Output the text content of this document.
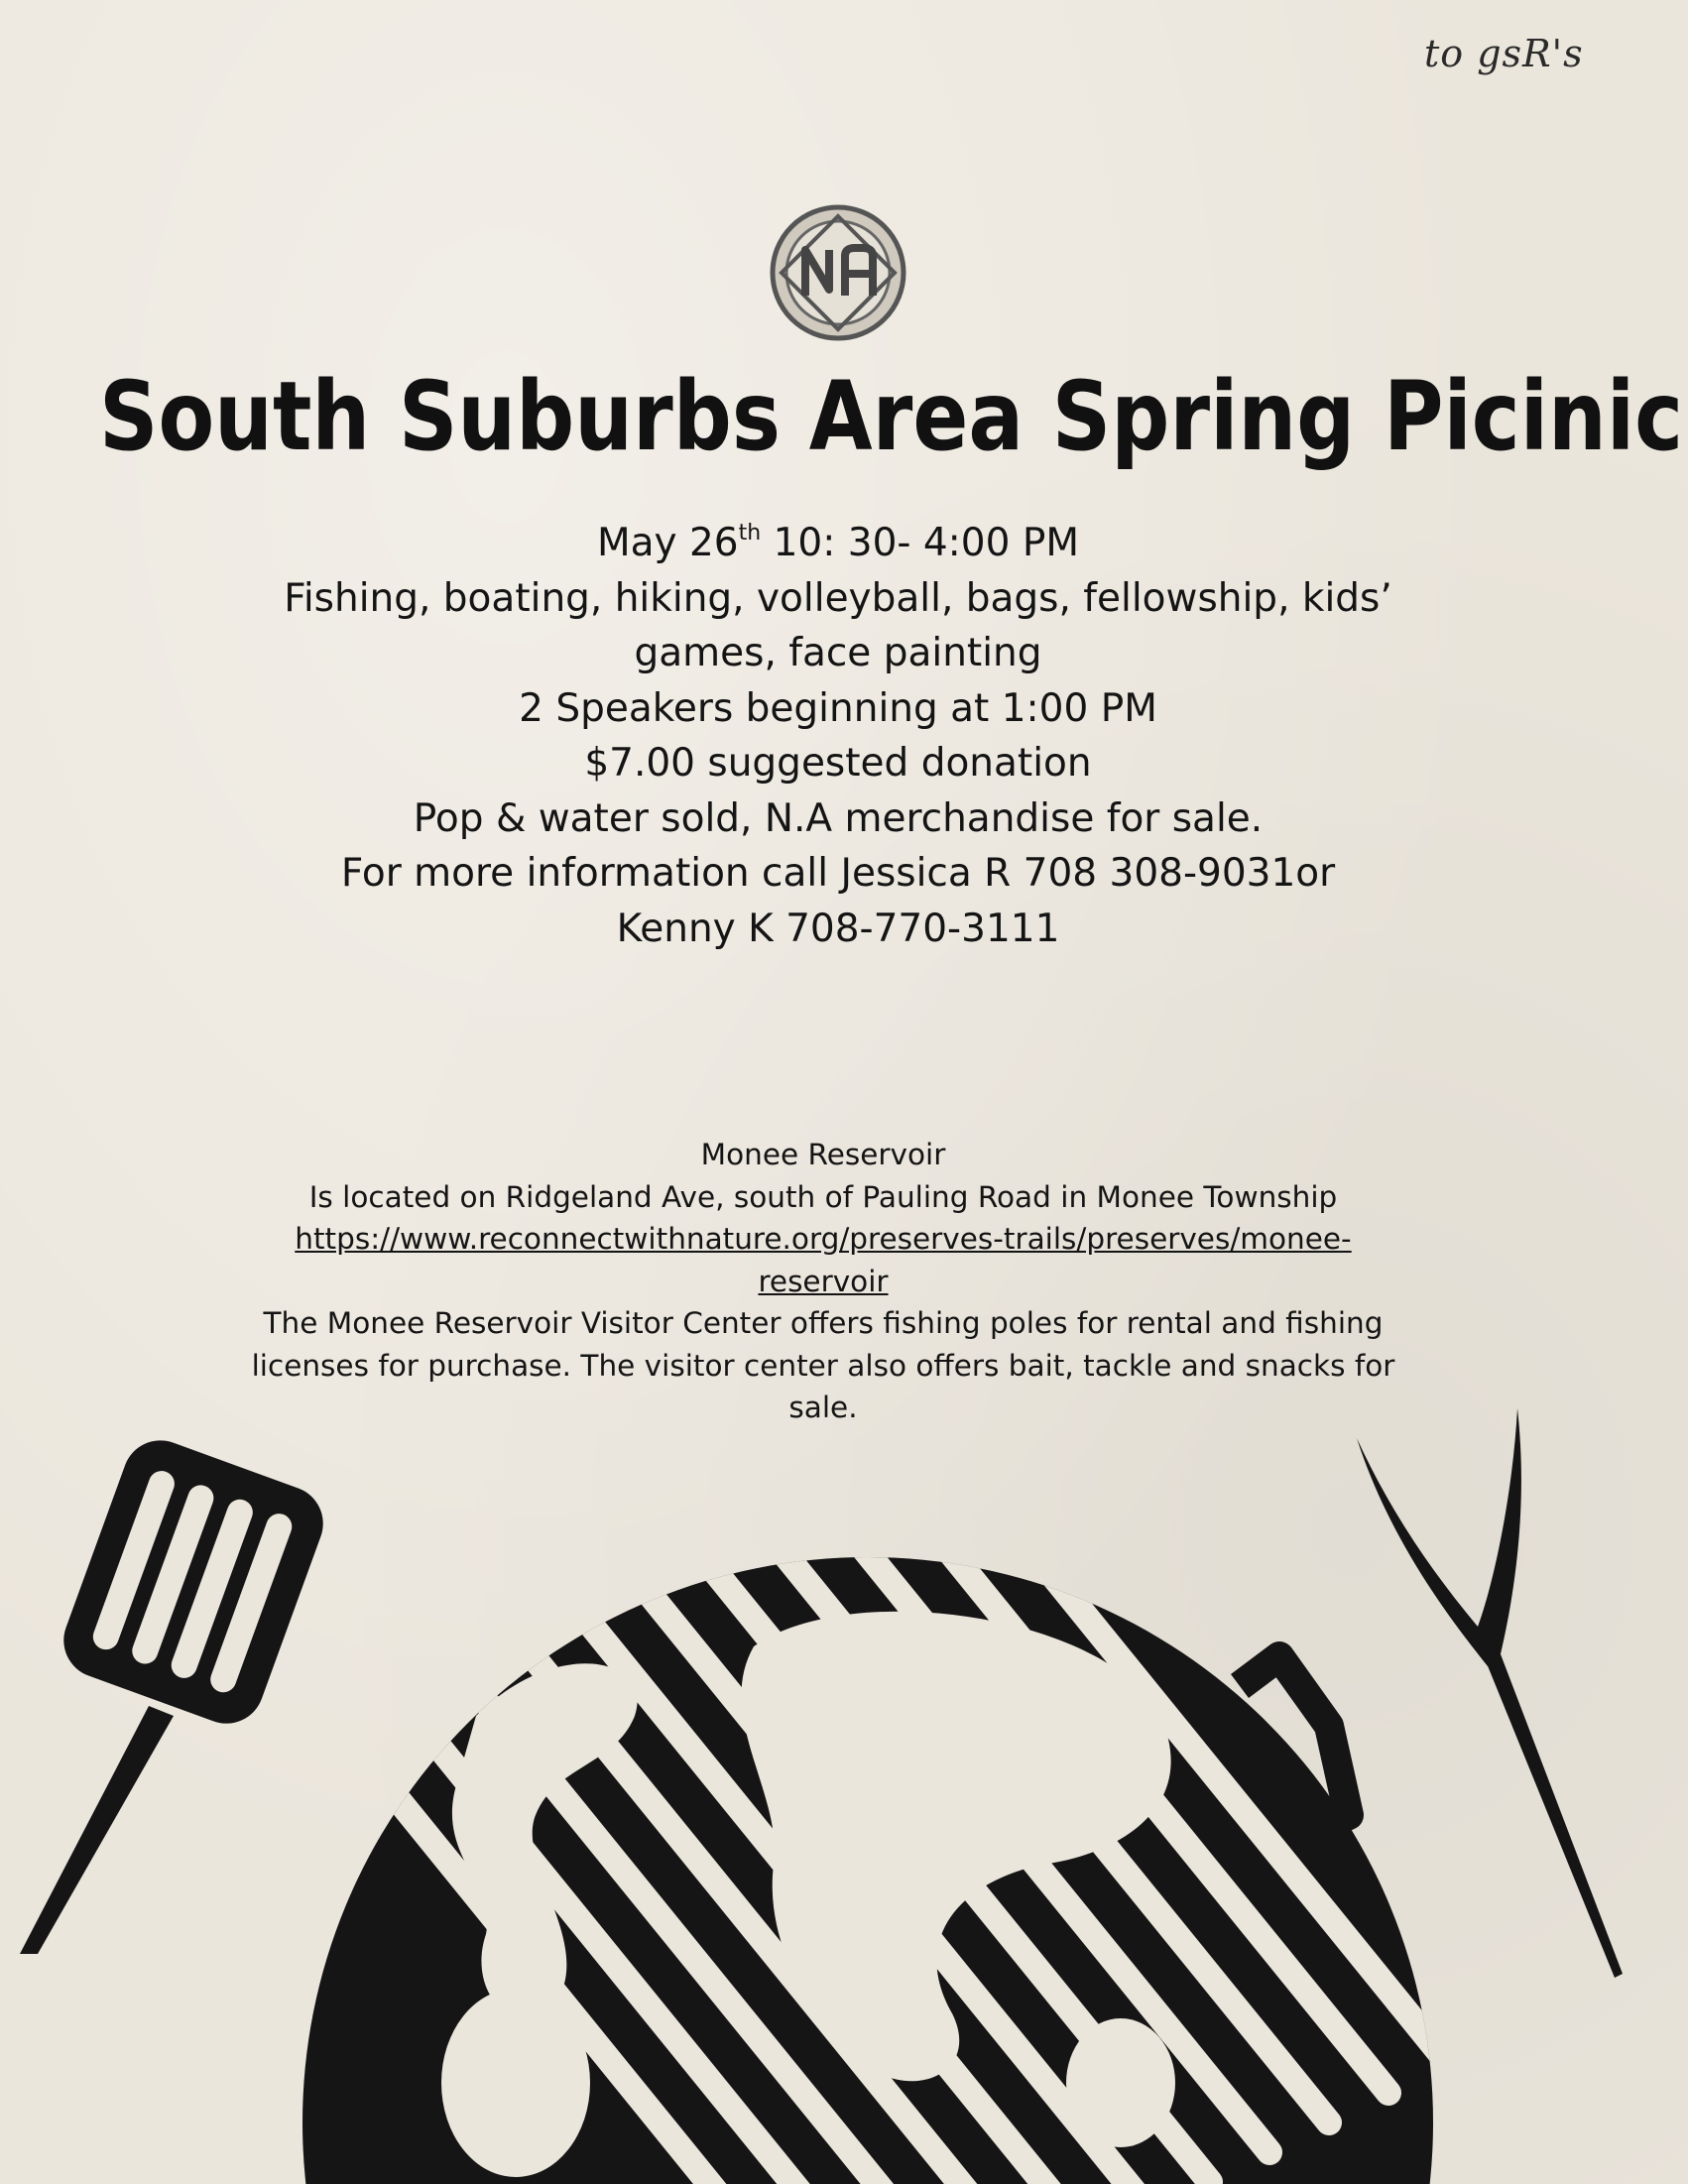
to gsR's
South Suburbs Area Spring Picinic
May 26th 10: 30- 4:00 PM
Fishing, boating, hiking, volleyball, bags, fellowship, kids’
games, face painting
2 Speakers beginning at 1:00 PM
$7.00 suggested donation
Pop & water sold, N.A merchandise for sale.
For more information call Jessica R 708 308-9031or
Kenny K 708-770-3111
Monee Reservoir
Is located on Ridgeland Ave, south of Pauling Road in Monee Township
https://www.reconnectwithnature.org/preserves-trails/preserves/monee-
reservoir
The Monee Reservoir Visitor Center offers fishing poles for rental and fishing
licenses for purchase. The visitor center also offers bait, tackle and snacks for
sale.
